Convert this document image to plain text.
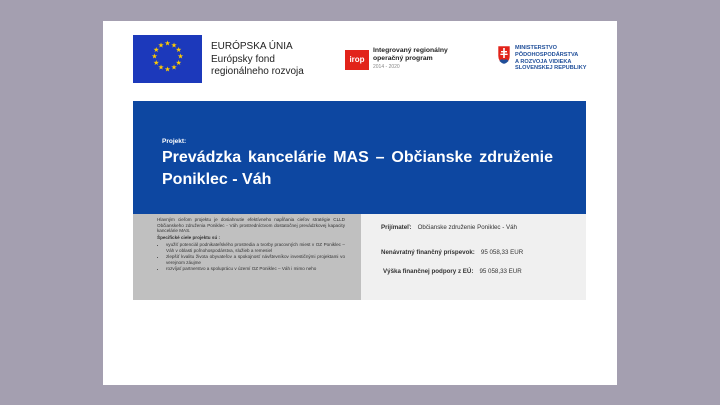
★ ★
★
★
★
★
★
★
★
★
★
★	EURÓPSKA ÚNIA
Európsky fond
regionálneho rozvoja
irop
Integrovaný regionálny
operačný program
2014 - 2020
MINISTERSTVO
PÔDOHOSPODÁRSTVA
A ROZVOJA VIDIEKA
SLOVENSKEJ REPUBLIKY
Projekt:
Prevádzka kancelárie MAS – Občianske združenie Poniklec - Váh

Hlavným cieľom projektu je dosiahnutie efektívneho napĺňania cieľov stratégie CLLD Občianskeho združenia Poniklec - Váh prostredníctvom dostatočnej prevádzkovej kapacity kancelárie MAS.

Špecifické ciele projektu sú :

• využiť potenciál podnikateľského prostredia a tvorby pracovných miest v OZ Poniklec – Váh v oblasti poľnohospodárstva, služieb a remesiel
• zlepšiť kvalitu života obyvateľov a spokojnosť návštevníkov investičnými projektami vo verejnom záujme
• rozvíjať partnerstvo a spoluprácu v území OZ Poniklec – Váh i mimo neho
Prijímateľ: Občianske združenie Poniklec - Váh
Nenávratný finančný príspevok: 95 058,33 EUR
Výška finančnej podpory z EÚ: 95 058,33 EUR
